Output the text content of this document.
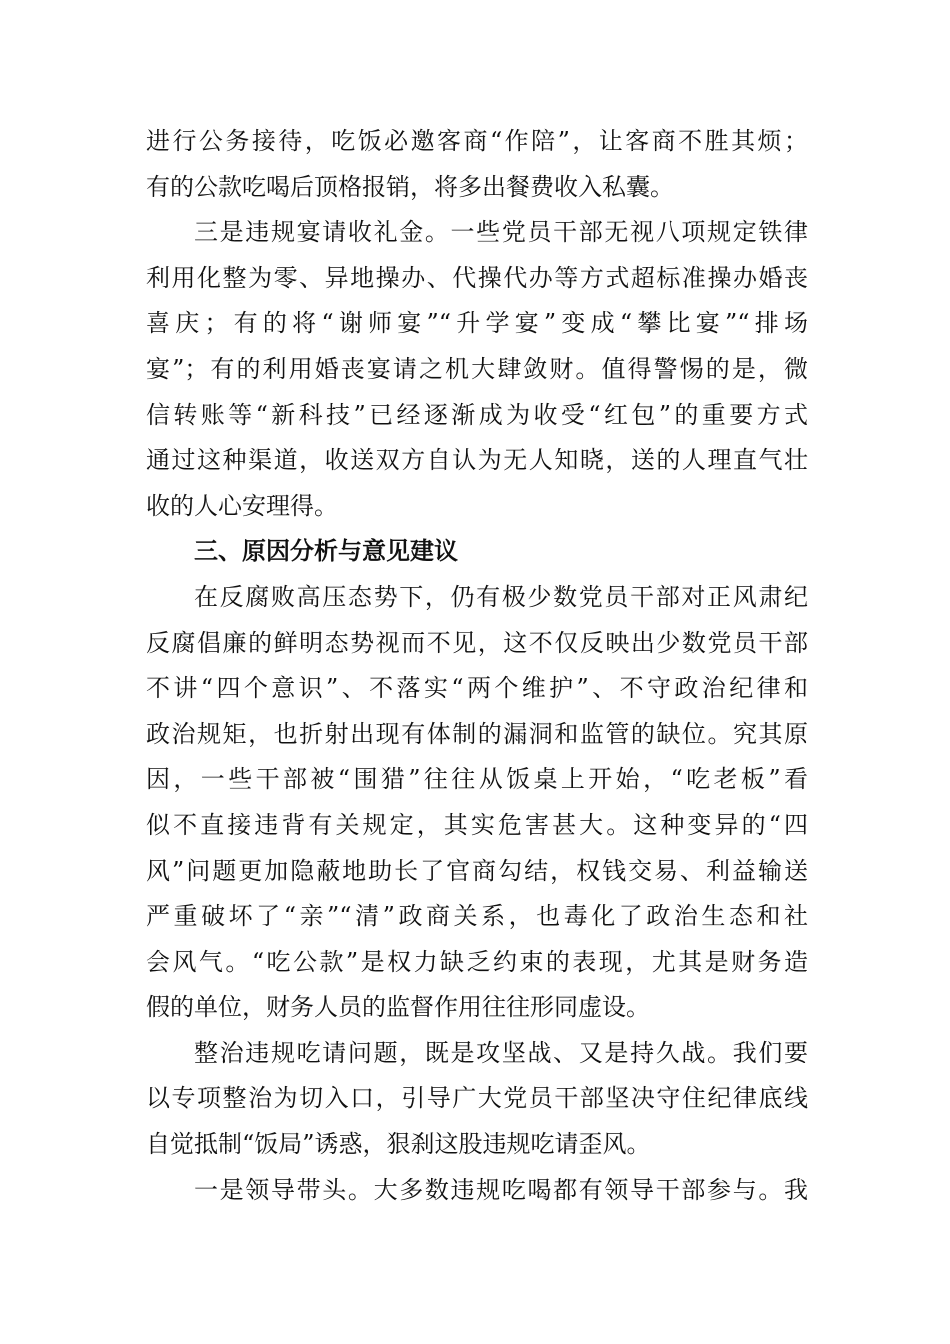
进行公务接待，吃饭必邀客商“作陪”，让客商不胜其烦；
有的公款吃喝后顶格报销，将多出餐费收入私囊。
三是违规宴请收礼金。一些党员干部无视八项规定铁律
利用化整为零、异地操办、代操代办等方式超标准操办婚丧
喜庆；有的将“谢师宴”“升学宴”变成“攀比宴”“排场
宴”；有的利用婚丧宴请之机大肆敛财。值得警惕的是，微
信转账等“新科技”已经逐渐成为收受“红包”的重要方式
通过这种渠道，收送双方自认为无人知晓，送的人理直气壮
收的人心安理得。
三、原因分析与意见建议
在反腐败高压态势下，仍有极少数党员干部对正风肃纪
反腐倡廉的鲜明态势视而不见，这不仅反映出少数党员干部
不讲“四个意识”、不落实“两个维护”、不守政治纪律和
政治规矩，也折射出现有体制的漏洞和监管的缺位。究其原
因，一些干部被“围猎”往往从饭桌上开始，“吃老板”看
似不直接违背有关规定，其实危害甚大。这种变异的“四
风”问题更加隐蔽地助长了官商勾结，权钱交易、利益输送
严重破坏了“亲”“清”政商关系，也毒化了政治生态和社
会风气。“吃公款”是权力缺乏约束的表现，尤其是财务造
假的单位，财务人员的监督作用往往形同虚设。
整治违规吃请问题，既是攻坚战、又是持久战。我们要
以专项整治为切入口，引导广大党员干部坚决守住纪律底线
自觉抵制“饭局”诱惑，狠刹这股违规吃请歪风。
一是领导带头。大多数违规吃喝都有领导干部参与。我
